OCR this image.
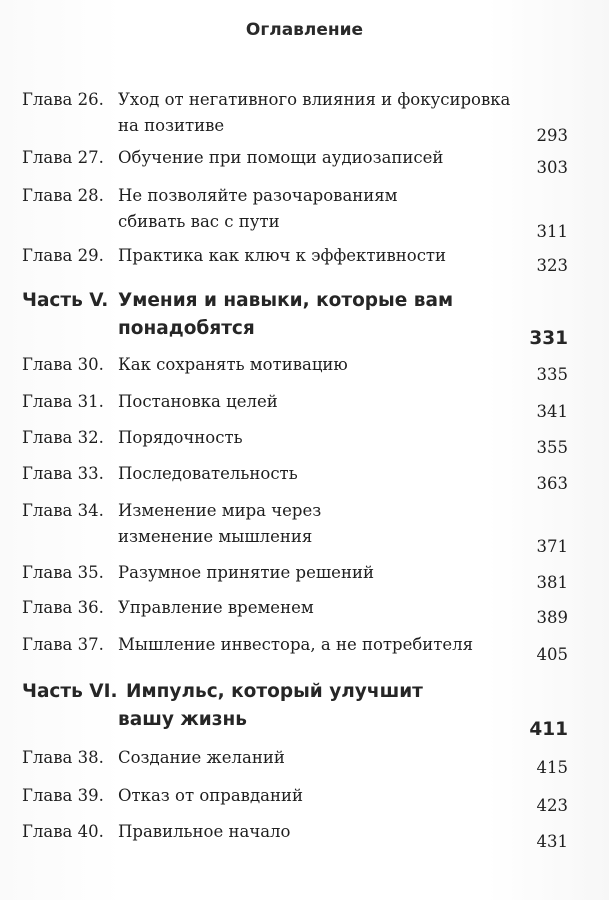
Оглавление
Глава 26. Уход от негативного влияния и фокусировка
на позитиве	293
Глава 27. Обучение при помощи аудиозаписей	303
Глава 28. Не позволяйте разочарованиям
сбивать вас с пути	311
Глава 29. Практика как ключ к эффективности	323
Часть V. Умения и навыки, которые вам
понадобятся	331
Глава 30. Как сохранять мотивацию	335
Глава 31. Постановка целей	341
Глава 32. Порядочность	355
Глава 33. Последовательность	363
Глава 34. Изменение мира через
изменение мышления	371
Глава 35. Разумное принятие решений	381
Глава 36. Управление временем	389
Глава 37. Мышление инвестора, а не потребителя	405
Часть VI. Импульс, который улучшит
вашу жизнь	411
Глава 38. Создание желаний	415
Глава 39. Отказ от оправданий	423
Глава 40. Правильное начало	431
